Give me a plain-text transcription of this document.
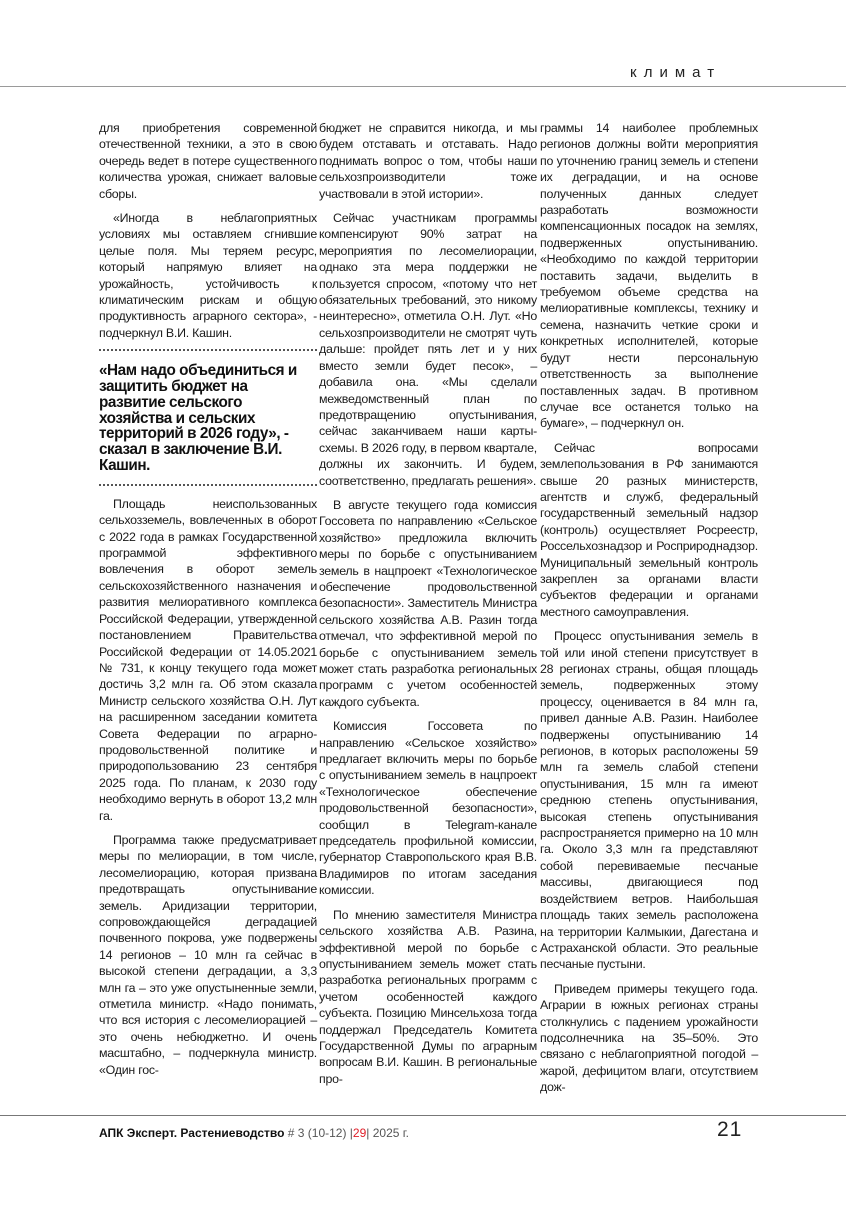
климат

для приобретения современной отечественной техники, а это в свою очередь ведет в потере существенного количества урожая, снижает валовые сборы.

«Иногда в неблагоприятных условиях мы оставляем сгнившие целые поля. Мы теряем ресурс, который напрямую влияет на урожайность, устойчивость к климатическим рискам и общую продуктивность аграрного сектора», - подчеркнул В.И. Кашин.

«Нам надо объединиться и защитить бюджет на развитие сельского хозяйства и сельских территорий в 2026 году», - сказал в заключение В.И. Кашин.

Площадь неиспользованных сельхозземель, вовлеченных в оборот с 2022 года в рамках Государственной программой эффективного вовлечения в оборот земель сельскохозяйственного назначения и развития мелиоративного комплекса Российской Федерации, утвержденной постановлением Правительства Российской Федерации от 14.05.2021 № 731, к концу текущего года может достичь 3,2 млн га. Об этом сказала Министр сельского хозяйства О.Н. Лут на расширенном заседании комитета Совета Федерации по аграрно-продовольственной политике и природопользованию 23 сентября 2025 года. По планам, к 2030 году необходимо вернуть в оборот 13,2 млн га.

Программа также предусматривает меры по мелиорации, в том числе, лесомелиорацию, которая призвана предотвращать опустынивание земель. Аридизации территории, сопровождающейся деградацией почвенного покрова, уже подвержены 14 регионов – 10 млн га сейчас в высокой степени деградации, а 3,3 млн га – это уже опустыненные земли, отметила министр. «Надо понимать, что вся история с лесомелиорацией – это очень небюджетно. И очень масштабно, – подчеркнула министр. «Один гос-

бюджет не справится никогда, и мы будем отставать и отставать. Надо поднимать вопрос о том, чтобы наши сельхозпроизводители тоже участвовали в этой истории».

Сейчас участникам программы компенсируют 90% затрат на мероприятия по лесомелиорации, однако эта мера поддержки не пользуется спросом, «потому что нет обязательных требований, это никому неинтересно», отметила О.Н. Лут. «Но сельхозпроизводители не смотрят чуть дальше: пройдет пять лет и у них вместо земли будет песок», – добавила она. «Мы сделали межведомственный план по предотвращению опустынивания, сейчас заканчиваем наши карты-схемы. В 2026 году, в первом квартале, должны их закончить. И будем, соответственно, предлагать решения».

В августе текущего года комиссия Госсовета по направлению «Сельское хозяйство» предложила включить меры по борьбе с опустыниванием земель в нацпроект «Технологическое обеспечение продовольственной безопасности». Заместитель Министра сельского хозяйства А.В. Разин тогда отмечал, что эффективной мерой по борьбе с опустыниванием земель может стать разработка региональных программ с учетом особенностей каждого субъекта.

Комиссия Госсовета по направлению «Сельское хозяйство» предлагает включить меры по борьбе с опустыниванием земель в нацпроект «Технологическое обеспечение продовольственной безопасности», сообщил в Telegram-канале председатель профильной комиссии, губернатор Ставропольского края В.В. Владимиров по итогам заседания комиссии.

По мнению заместителя Министра сельского хозяйства А.В. Разина, эффективной мерой по борьбе с опустыниванием земель может стать разработка региональных программ с учетом особенностей каждого субъекта. Позицию Минсельхоза тогда поддержал Председатель Комитета Государственной Думы по аграрным вопросам В.И. Кашин. В региональные про-

граммы 14 наиболее проблемных регионов должны войти мероприятия по уточнению границ земель и степени их деградации, и на основе полученных данных следует разработать возможности компенсационных посадок на землях, подверженных опустыниванию. «Необходимо по каждой территории поставить задачи, выделить в требуемом объеме средства на мелиоративные комплексы, технику и семена, назначить четкие сроки и конкретных исполнителей, которые будут нести персональную ответственность за выполнение поставленных задач. В противном случае все останется только на бумаге», – подчеркнул он.

Сейчас вопросами землепользования в РФ занимаются свыше 20 разных министерств, агентств и служб, федеральный государственный земельный надзор (контроль) осуществляет Росреестр, Россельхознадзор и Росприроднадзор. Муниципальный земельный контроль закреплен за органами власти субъектов федерации и органами местного самоуправления.

Процесс опустынивания земель в той или иной степени присутствует в 28 регионах страны, общая площадь земель, подверженных этому процессу, оценивается в 84 млн га, привел данные А.В. Разин. Наиболее подвержены опустыниванию 14 регионов, в которых расположены 59 млн га земель слабой степени опустынивания, 15 млн га имеют среднюю степень опустынивания, высокая степень опустынивания распространяется примерно на 10 млн га. Около 3,3 млн га представляют собой перевиваемые песчаные массивы, двигающиеся под воздействием ветров. Наибольшая площадь таких земель расположена на территории Калмыкии, Дагестана и Астраханской области. Это реальные песчаные пустыни.

Приведем примеры текущего года. Аграрии в южных регионах страны столкнулись с падением урожайности подсолнечника на 35–50%. Это связано с неблагоприятной погодой – жарой, дефицитом влаги, отсутствием дож-

АПК Эксперт. Растениеводство # 3 (10-12) |29| 2025 г.	21
